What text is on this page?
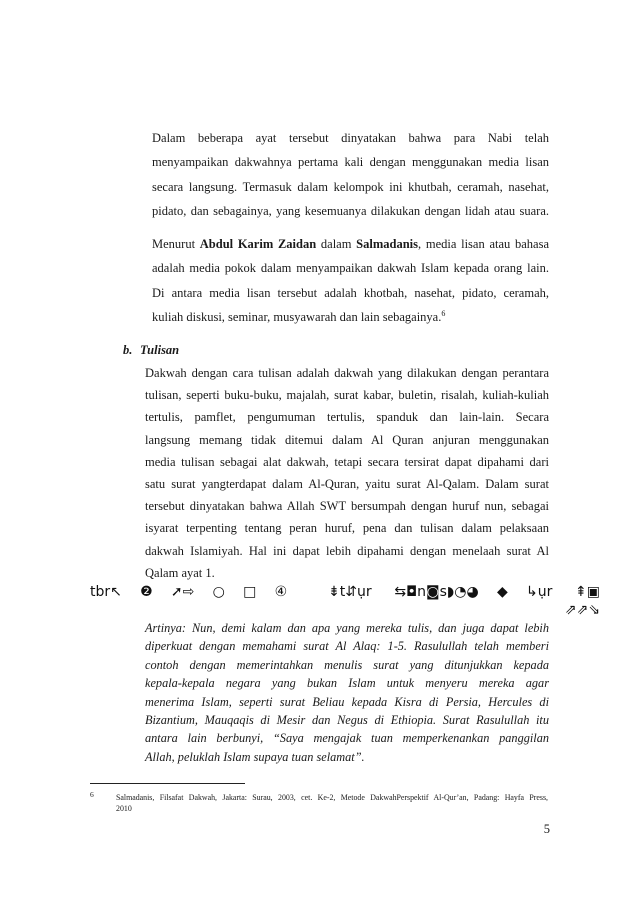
Dalam beberapa ayat tersebut dinyatakan bahwa para Nabi telah
menyampaikan dakwahnya pertama kali dengan menggunakan media lisan
secara langsung. Termasuk dalam kelompok ini khutbah, ceramah, nasehat,
pidato, dan sebagainya, yang kesemuanya dilakukan dengan lidah atau suara.
Menurut Abdul Karim Zaidan dalam Salmadanis, media lisan atau bahasa
adalah media pokok dalam menyampaikan dakwah Islam kepada orang lain.
Di antara media lisan tersebut adalah khotbah, nasehat, pidato, ceramah,
kuliah diskusi, seminar, musyawarah dan lain sebagainya.$^6$
b. Tulisan
Dakwah dengan cara tulisan adalah dakwah yang dilakukan dengan perantara
tulisan, seperti buku-buku, majalah, surat kabar, buletin, risalah, kuliah-kuliah
tertulis, pamflet, pengumuman tertulis, spanduk dan lain-lain. Secara
langsung memang tidak ditemui dalam Al Quran anjuran menggunakan
media tulisan sebagai alat dakwah, tetapi secara tersirat dapat dipahami dari
satu surat yangterdapat dalam Al-Quran, yaitu surat Al-Qalam. Dalam surat
tersebut dinyatakan bahwa Allah SWT bersumpah dengan huruf nun, sebagai
isyarat terpenting tentang peran huruf, pena dan tulisan dalam pelaksaan
dakwah Islamiyah. Hal ini dapat lebih dipahami dengan menelaah surat Al
Qalam ayat 1.
tbr↖❷➚⇨○□④ ⇟t⇵ụr ⇆◘n◙s◗◔◕◆↳ụr ⇞▣
⇗⇗⇘
Artinya: Nun, demi kalam dan apa yang mereka tulis, dan juga dapat lebih
diperkuat dengan memahami surat Al Alaq: 1-5. Rasulullah telah memberi
contoh dengan memerintahkan menulis surat yang ditunjukkan kepada
kepala-kepala negara yang bukan Islam untuk menyeru mereka agar
menerima Islam, seperti surat Beliau kepada Kisra di Persia, Hercules di
Bizantium, Mauqaqis di Mesir dan Negus di Ethiopia. Surat Rasulullah itu
antara lain berbunyi, “Saya mengajak tuan memperkenankan panggilan
Allah, peluklah Islam supaya tuan selamat”.
6	Salmadanis, Filsafat Dakwah, Jakarta: Surau, 2003, cet. Ke-2, Metode DakwahPerspektif Al-Qur’an, Padang: Hayfa Press,
2010
5
